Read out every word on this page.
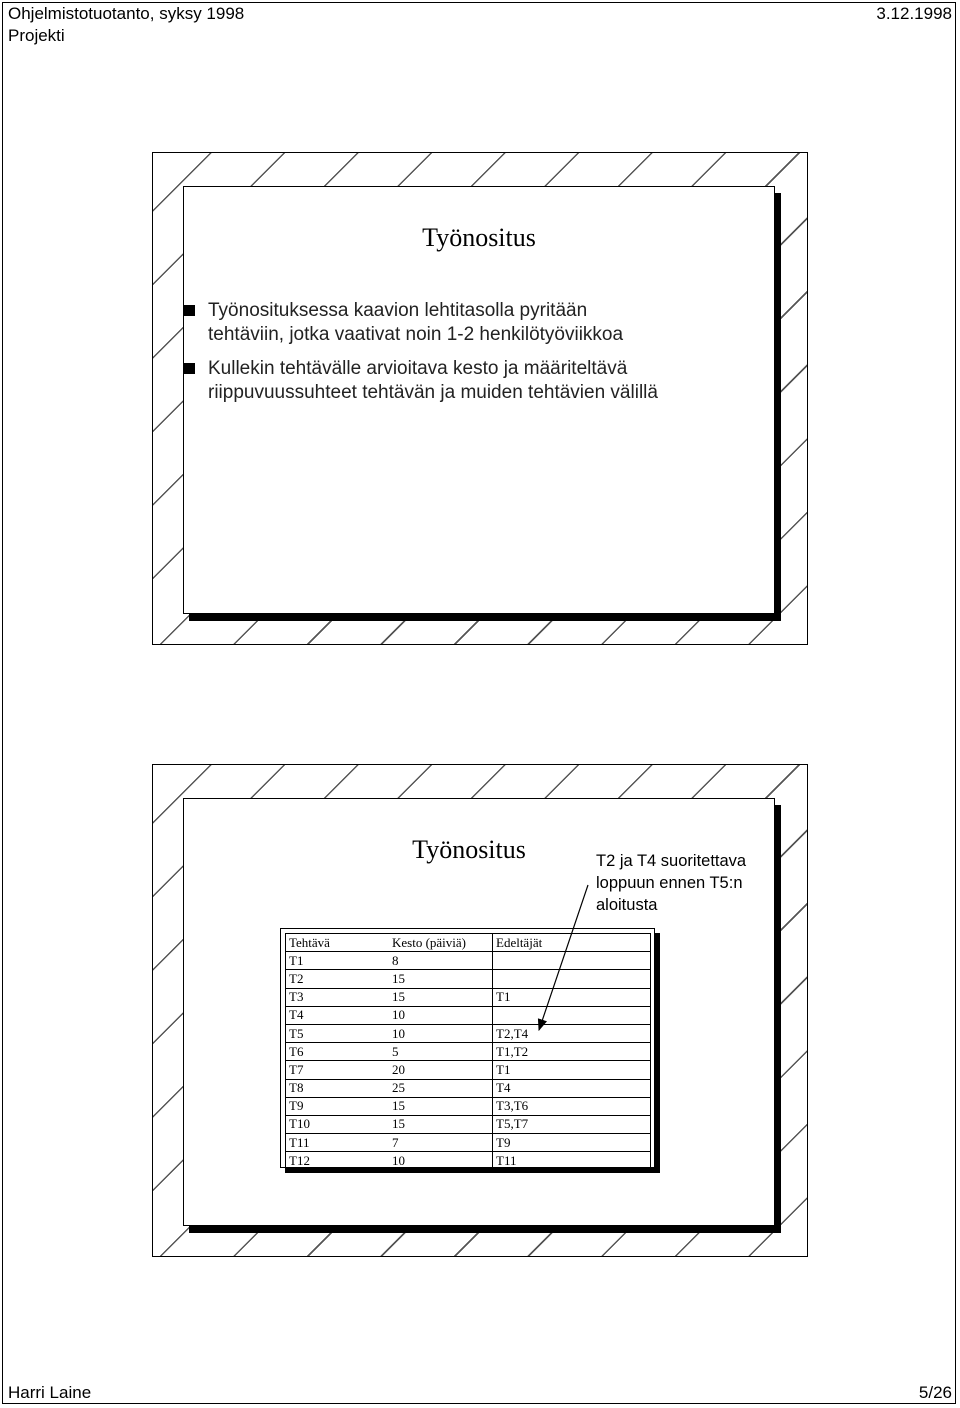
Ohjelmistotuotanto, syksy 1998	3.12.1998
Projekti
Työnositus
Työnosituksessa kaavion lehtitasolla pyritään
tehtäviin, jotka vaativat noin 1-2 henkilötyöviikkoa
Kullekin tehtävälle arvioitava kesto ja määriteltävä
riippuvuussuhteet tehtävän ja muiden tehtävien välillä
Työnositus	T2 ja T4 suoritettava
loppuun ennen T5:n
aloitusta
Tehtävä	Kesto (päiviä)	Edeltäjät
T1	8	
T2	15	
T3	15	T1
T4	10	
T5	10	T2,T4
T6	5	T1,T2
T7	20	T1
T8	25	T4
T9	15	T3,T6
T10	15	T5,T7
T11	7	T9
T12	10	T11
Harri Laine	5/26
